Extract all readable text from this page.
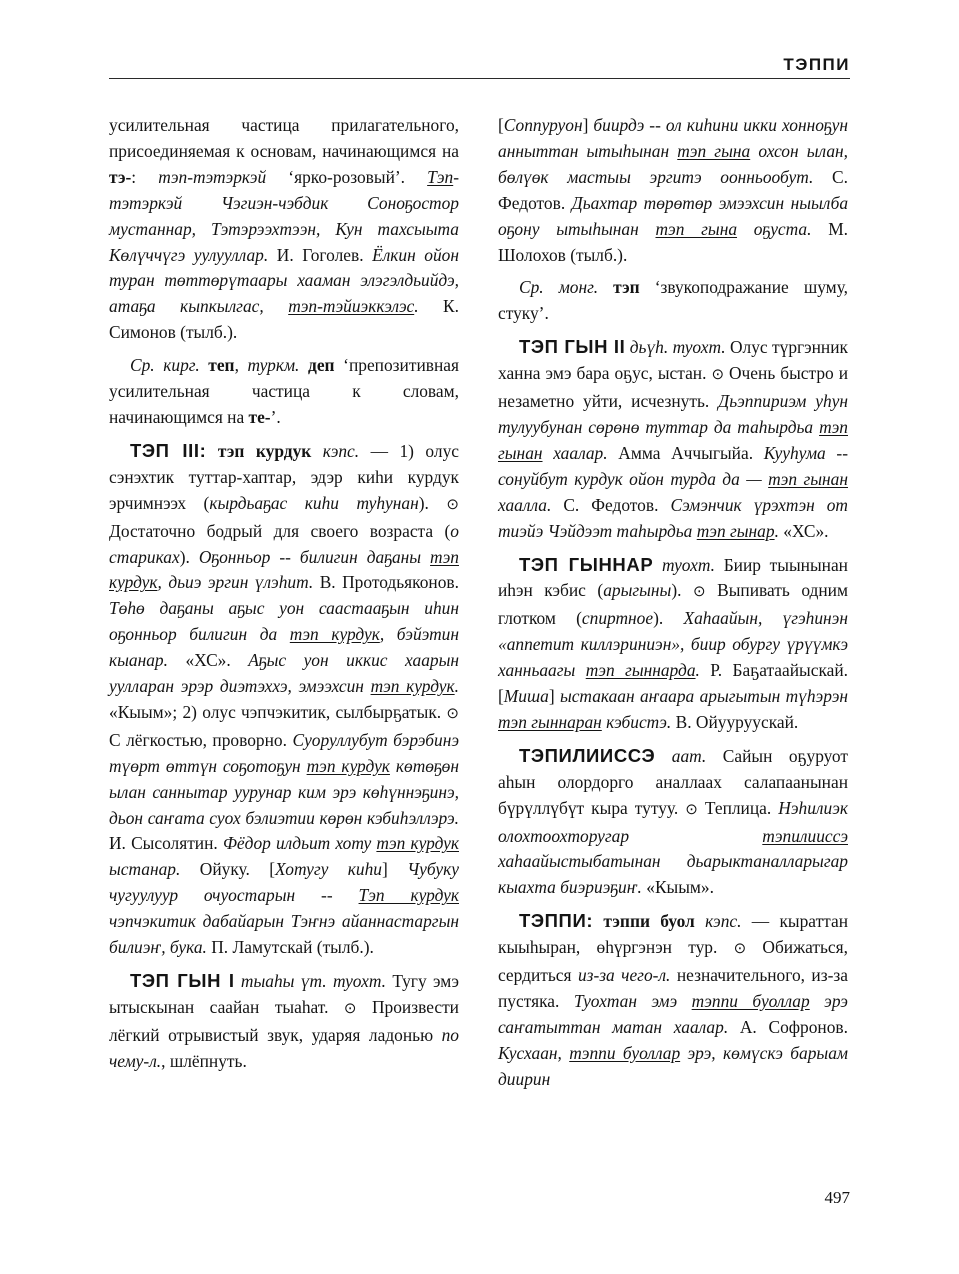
ТЭППИ

усилительная частица прилагательного, присоединяемая к основам, начинающимся на тэ-: тэп-тэтэркэй ‘ярко-розовый’. Тэп-тэтэркэй Чэгиэн-чэбдик Соноҕостор мустаннар, Тэтэрээхтээн, Кун тахсыыта Көлүччүгэ уулууллар. И. Гоголев. Ёлкин ойон туран төттөрүтаары хааман элэгэлдьийдэ, атаҕа кыпкылгас, тэп-тэйиэккэлэс. К. Симонов (тылб.).

Ср. кирг. теп, туркм. деп ‘препозитивная усилительная частица к словам, начинающимся на те-’.

ТЭП III: тэп курдук кэпс. — 1) олус сэнэхтик туттар-хаптар, эдэр киһи курдук эрчимнээх (кырдьаҕас киһи туһунан). ⊙ Достаточно бодрый для своего возраста (о стариках). Оҕонньор -- билигин даҕаны тэп курдук, дьиэ эргин үлэһит. В. Протодьяконов. Төһө даҕаны аҕыс уон саастааҕын иһин оҕонньор билигин да тэп курдук, бэйэтин кыанар. «ХС». Аҕыс уон иккис хаарын уулларан эрэр диэтэххэ, эмээхсин тэп курдук. «Кыым»; 2) олус чэпчэкитик, сылбырҕатык. ⊙ С лёгкостью, проворно. Суоруллубут бэрэбинэ түөрт өттүн соҕотоҕун тэп курдук көтөҕөн ылан саннытар уурунар ким эрэ көһүннэҕинэ, дьон саҥата суох бэлиэтии көрөн кэбиһэллэрэ. И. Сысолятин. Фёдор илдьит хоту тэп курдук ыстанар. Ойуку. [Хотугу киһи] Чубуку чугуулуур очуостарын -- Тэп курдук чэпчэкитик дабайарын Тэҥнэ айаннастаргын билиэҥ, бука. П. Ламутскай (тылб.).

ТЭП ГЫН I тыаһы үт. туохт. Тугу эмэ ытыскынан саайан тыаһат. ⊙ Произвести лёгкий отрывистый звук, ударяя ладонью по чему-л., шлёпнуть.

[Соппуруон] биирдэ -- ол киһини икки хонноҕун анныттан ытыһынан тэп гына охсон ылан, бөлүөк мастыы эргитэ оонньообут. С. Федотов. Дьахтар төрөтөр эмээхсин ныылба оҕону ытыһынан тэп гына оҕуста. М. Шолохов (тылб.).

Ср. монг. тэп ‘звукоподражание шуму, стуку’.

ТЭП ГЫН II дьүһ. туохт. Олус түргэнник ханна эмэ бара оҕус, ыстан. ⊙ Очень быстро и незаметно уйти, исчезнуть. Дьэппириэм уһун тулуубунан сөрөнө туттар да таһырдьа тэп гынан хаалар. Амма Аччыгыйа. Кууһума -- сонуйбут курдук ойон турда да — тэп гынан хаалла. С. Федотов. Сэмэнчик үрэхтэн от тиэйэ Чэйдээт таһырдьа тэп гынар. «ХС».

ТЭП ГЫННАР туохт. Биир тыынынан иһэн кэбис (арыгыны). ⊙ Выпивать одним глотком (спиртное). Хаһаайын, үгэһинэн «аппетит киллэриниэн», биир обургу үрүүмкэ ханньаагы тэп гыннарда. Р. Баҕатаайыскай. [Миша] ыстакаан аҥаара арыгытын түһэрэн тэп гыннаран кэбистэ. В. Ойууруускай.

ТЭПИЛИИССЭ аат. Сайын оҕуруот аһын олордорго аналлаах салапаанынан бүрүллүбүт кыра тутуу. ⊙ Теплица. Нэһилиэк олохтоохторугар тэпилииссэ хаһаайыстыбатынан дьарыктаналларыгар кыахта биэриэҕиҥ. «Кыым».

ТЭППИ: тэппи буол кэпс. — кыраттан кыыһыран, өһүргэнэн тур. ⊙ Обижаться, сердиться из-за чего-л. незначительного, из-за пустяка. Туохтан эмэ тэппи буоллар эрэ саҥатыттан матан хаалар. А. Софронов. Кусхаан, тэппи буоллар эрэ, көмүскэ барыам диирин

497
